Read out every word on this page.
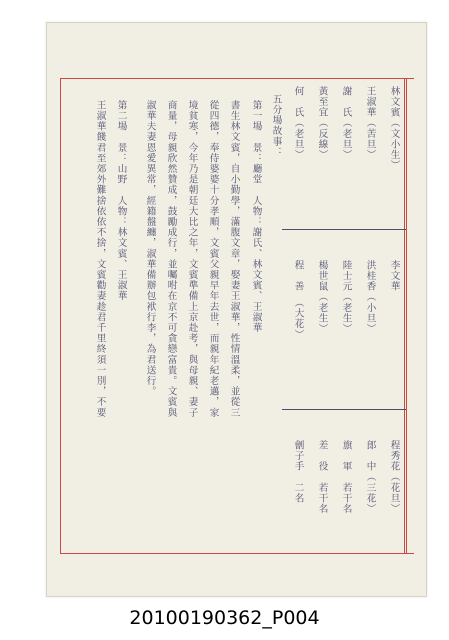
林文賓（文小生）
王淑華（苦旦）
謝　氏（老旦）
黃至宜（反線）
何　氏（老旦）
李文華
洪桂香（小旦）
陸士元（老生）
楊世鼠（老生）
程　善　（大花）
程秀花（花旦）
郎　中（三花）
旗　軍　若干名
差　役　若干名
劊子手　二名
五分場故事：
第一場　景：廳堂　人物：謝氏、林文賓、王淑華
書生林文賓，自小勤學，滿腹文章，娶妻王淑華，性情溫柔，並從三
從四德，奉侍婆婆十分孝順，文賓父親早年去世，而親年紀老邁，家
境貧寒，今年乃是朝廷大比之年，文賓準備上京赴考，與母親、妻子
商量，母親欣然贊成，鼓勵成行，並囑咐在京不可貪戀富貴。文賓與
淑華夫妻恩愛異常，經籍盤纏，淑華備辦包袱行李，為君送行。
第二場　景：山野　人物：林文賓、王淑華
王淑華餞君至郊外難捨依依不捨，文賓勸妻趁君千里終須一別，不要
20100190362_P004
